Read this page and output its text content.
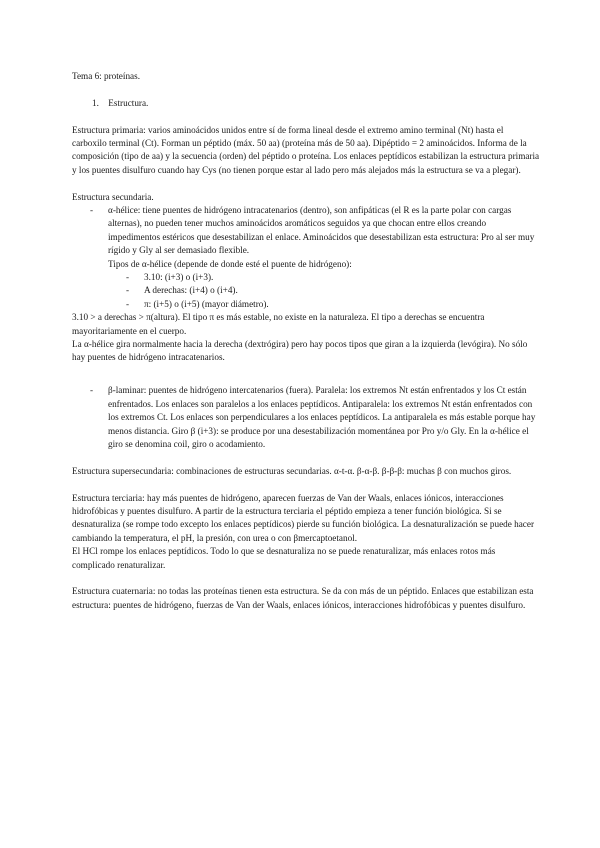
Tema 6: proteínas.

1. Estructura.

Estructura primaria: varios aminoácidos unidos entre sí de forma lineal desde el extremo amino terminal (Nt) hasta el carboxilo terminal (Ct). Forman un péptido (máx. 50 aa) (proteína más de 50 aa). Dipéptido = 2 aminoácidos. Informa de la composición (tipo de aa) y la secuencia (orden) del péptido o proteína. Los enlaces peptídicos estabilizan la estructura primaria y los puentes disulfuro cuando hay Cys (no tienen porque estar al lado pero más alejados más la estructura se va a plegar).

Estructura secundaria.

- α-hélice: tiene puentes de hidrógeno intracatenarios (dentro), son anfipáticas (el R es la parte polar con cargas alternas), no pueden tener muchos aminoácidos aromáticos seguidos ya que chocan entre ellos creando impedimentos estéricos que desestabilizan el enlace. Aminoácidos que desestabilizan esta estructura: Pro al ser muy rígido y Gly al ser demasiado flexible.

Tipos de α-hélice (depende de donde esté el puente de hidrógeno):

- 3.10: (i+3) o (i+3).

- A derechas: (i+4) o (i+4).

- π: (i+5) o (i+5) (mayor diámetro).

3.10 > a derechas > π(altura). El tipo π es más estable, no existe en la naturaleza. El tipo a derechas se encuentra mayoritariamente en el cuerpo.

La α-hélice gira normalmente hacia la derecha (dextrógira) pero hay pocos tipos que giran a la izquierda (levógira). No sólo hay puentes de hidrógeno intracatenarios.

- β-laminar: puentes de hidrógeno intercatenarios (fuera). Paralela: los extremos Nt están enfrentados y los Ct están enfrentados. Los enlaces son paralelos a los enlaces peptídicos. Antiparalela: los extremos Nt están enfrentados con los extremos Ct. Los enlaces son perpendiculares a los enlaces peptídicos. La antiparalela es más estable porque hay menos distancia. Giro β (i+3): se produce por una desestabilización momentánea por Pro y/o Gly. En la α-hélice el giro se denomina coil, giro o acodamiento.

Estructura supersecundaria: combinaciones de estructuras secundarias. α-t-α. β-α-β. β-β-β: muchas β con muchos giros.

Estructura terciaria: hay más puentes de hidrógeno, aparecen fuerzas de Van der Waals, enlaces iónicos, interacciones hidrofóbicas y puentes disulfuro. A partir de la estructura terciaria el péptido empieza a tener función biológica. Si se desnaturaliza (se rompe todo excepto los enlaces peptídicos) pierde su función biológica. La desnaturalización se puede hacer cambiando la temperatura, el pH, la presión, con urea o con βmercaptoetanol.

El HCl rompe los enlaces peptídicos. Todo lo que se desnaturaliza no se puede renaturalizar, más enlaces rotos más complicado renaturalizar.

Estructura cuaternaria: no todas las proteínas tienen esta estructura. Se da con más de un péptido. Enlaces que estabilizan esta estructura: puentes de hidrógeno, fuerzas de Van der Waals, enlaces iónicos, interacciones hidrofóbicas y puentes disulfuro.
